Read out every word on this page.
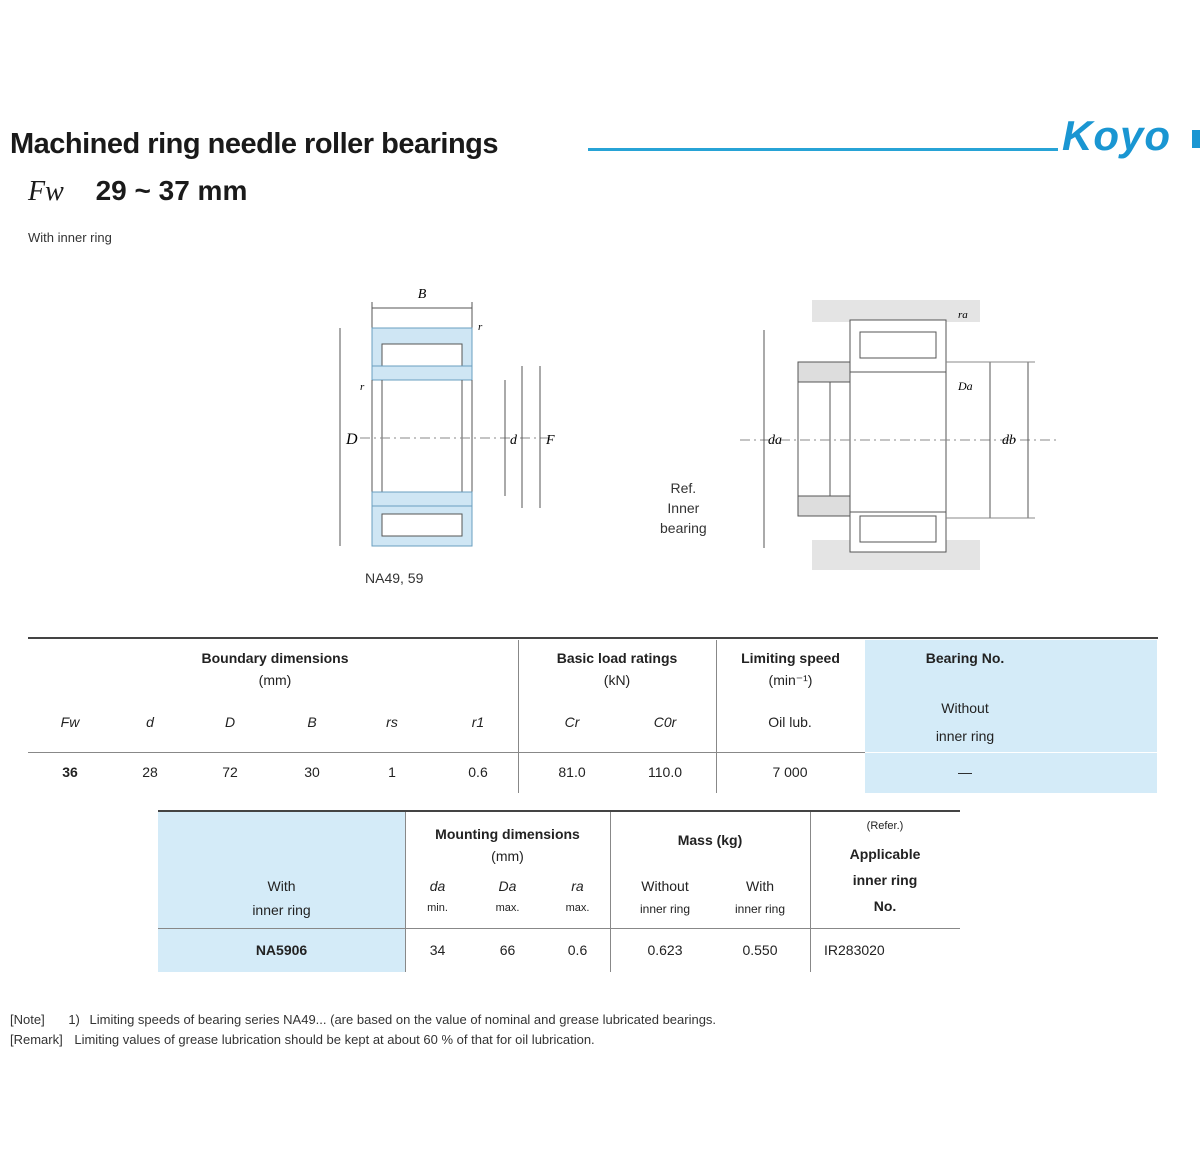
Machined ring needle roller bearings	Koyo
Fw 29 ~ 37 mm
With inner ring
B
r
D	d F
r
NA49, 59
ra
Da
da	db
Ref.
Inner
bearing
Boundary dimensions
(mm)
Basic load ratings
(kN)
Limiting speed
(min⁻¹)
Bearing No.
Without
inner ring
Fw	d	D	B	rs	r1	Cr	C0r	Oil lub.
36	28	72	30	1	0.6	81.0	110.0	7 000	—
With
inner ring
Mounting dimensions
(mm)
da	Da	ra
min.	max.	max.
Mass (kg)
Without
inner ring
With
inner ring
(Refer.)
Applicable
inner ring
No.
NA5906	34	66	0.6	0.623	0.550	IR283020
[Note] 1) Limiting speeds of bearing series NA49... (are based on the value of nominal and grease lubricated bearings.
[Remark] Limiting values of grease lubrication should be kept at about 60 % of that for oil lubrication.
